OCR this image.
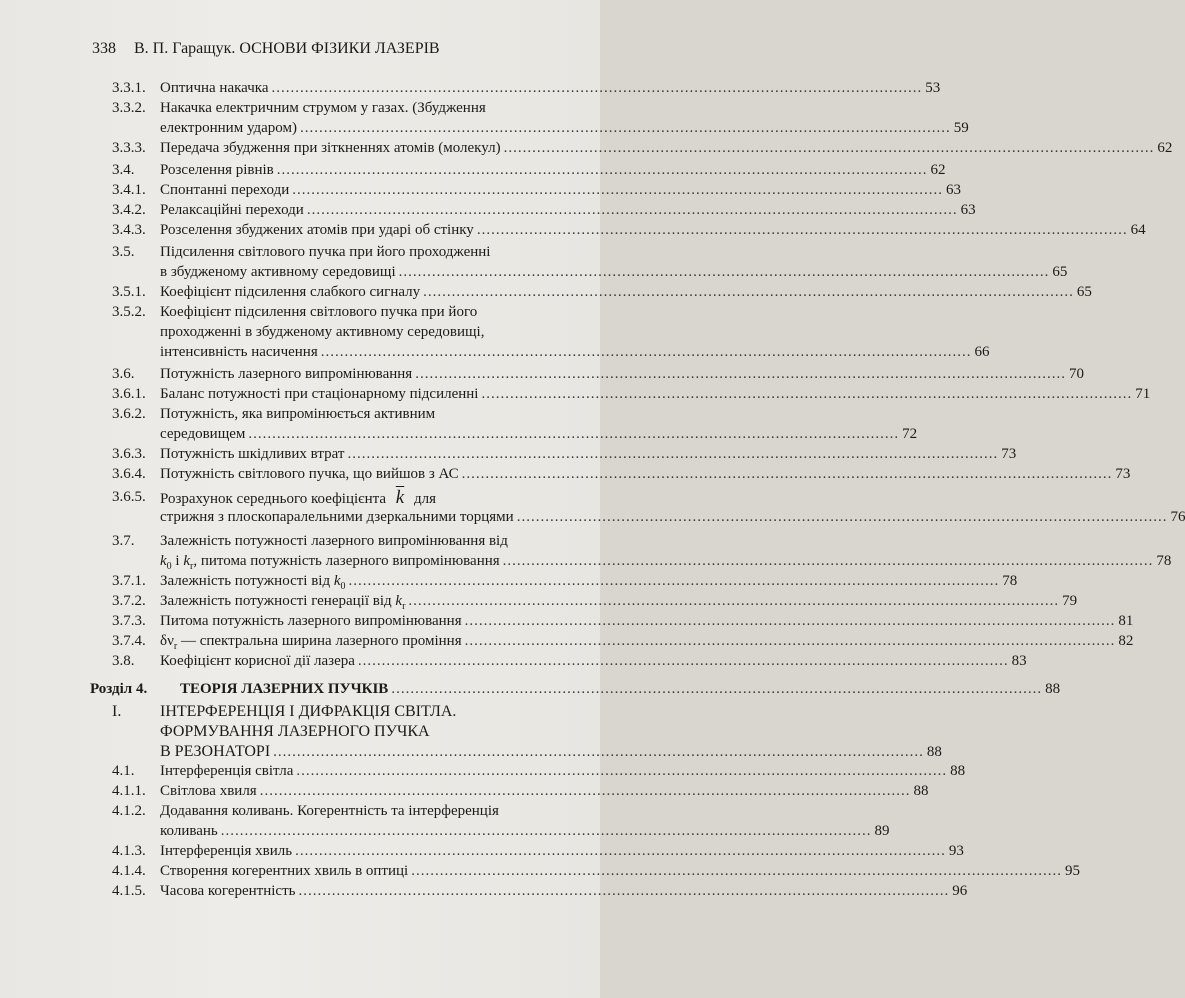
338 В. П. Гаращук. ОСНОВИ ФІЗИКИ ЛАЗЕРІВ
3.3.1. Оптична накачка ......................................................................................................................................... 53
3.3.2. Накачка електричним струмом у газах. (Збудження
електронним ударом) ......................................................................................................................................... 59
3.3.3. Передача збудження при зіткненнях атомів (молекул) ......................................................................................................................................... 62
3.4. Розселення рівнів ......................................................................................................................................... 62
3.4.1. Спонтанні переходи ......................................................................................................................................... 63
3.4.2. Релаксаційні переходи ......................................................................................................................................... 63
3.4.3. Розселення збуджених атомів при ударі об стінку ......................................................................................................................................... 64
3.5. Підсилення світлового пучка при його проходженні
в збудженому активному середовищі ......................................................................................................................................... 65
3.5.1. Коефіцієнт підсилення слабкого сигналу ......................................................................................................................................... 65
3.5.2. Коефіцієнт підсилення світлового пучка при його
проходженні в збудженому активному середовищі,
інтенсивність насичення ......................................................................................................................................... 66
3.6. Потужність лазерного випромінювання ......................................................................................................................................... 70
3.6.1. Баланс потужності при стаціонарному підсиленні ......................................................................................................................................... 71
3.6.2. Потужність, яка випромінюється активним
середовищем ......................................................................................................................................... 72
3.6.3. Потужність шкідливих втрат ......................................................................................................................................... 73
3.6.4. Потужність світлового пучка, що вийшов з АС ......................................................................................................................................... 73
3.6.5. Розрахунок середнього коефіцієнта $\overline{k}$ для
стрижня з плоскопаралельними дзеркальними торцями ......................................................................................................................................... 76
3.7. Залежність потужності лазерного випромінювання від
$k_0$ і $k_r$, питома потужність лазерного випромінювання ......................................................................................................................................... 78
3.7.1. Залежність потужності від $k_0$ ......................................................................................................................................... 78
3.7.2. Залежність потужності генерації від $k_r$ ......................................................................................................................................... 79
3.7.3. Питома потужність лазерного випромінювання ......................................................................................................................................... 81
3.7.4. $\delta\nu_r$ — спектральна ширина лазерного проміння ......................................................................................................................................... 82
3.8. Коефіцієнт корисної дії лазера ......................................................................................................................................... 83
Розділ 4. ТЕОРІЯ ЛАЗЕРНИХ ПУЧКІВ ......................................................................................................................................... 88
I. ІНТЕРФЕРЕНЦІЯ І ДИФРАКЦІЯ СВІТЛА.
ФОРМУВАННЯ ЛАЗЕРНОГО ПУЧКА
В РЕЗОНАТОРІ ......................................................................................................................................... 88
4.1. Інтерференція світла ......................................................................................................................................... 88
4.1.1. Світлова хвиля ......................................................................................................................................... 88
4.1.2. Додавання коливань. Когерентність та інтерференція
коливань ......................................................................................................................................... 89
4.1.3. Інтерференція хвиль ......................................................................................................................................... 93
4.1.4. Створення когерентних хвиль в оптиці ......................................................................................................................................... 95
4.1.5. Часова когерентність ......................................................................................................................................... 96
